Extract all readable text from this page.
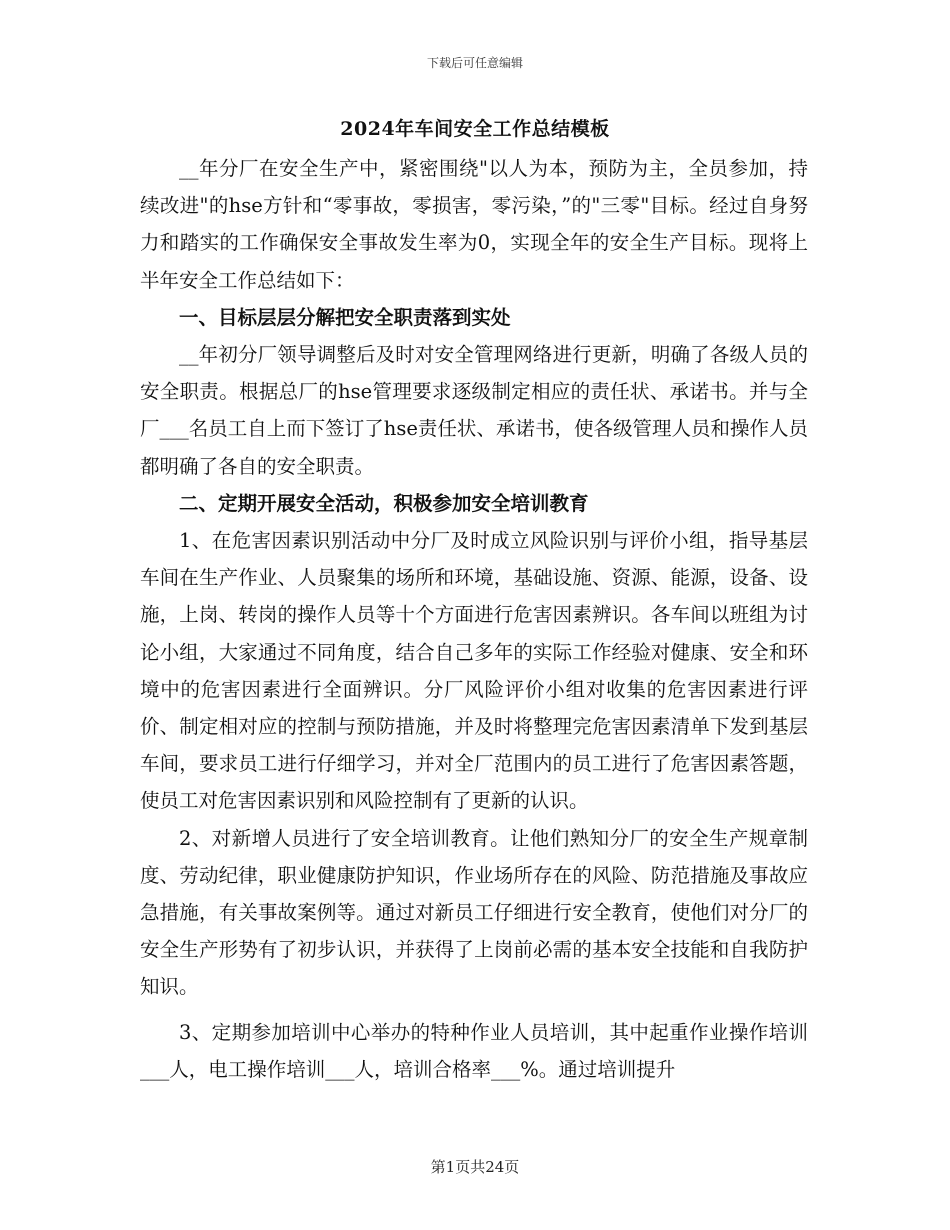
下载后可任意编辑
2024年车间安全工作总结模板

__年分厂在安全生产中，紧密围绕"以人为本，预防为主，全员参加，持续改进"的hse方针和“零事故，零损害，零污染，”的"三零"目标。经过自身努力和踏实的工作确保安全事故发生率为0，实现全年的安全生产目标。现将上半年安全工作总结如下：

一、目标层层分解把安全职责落到实处

__年初分厂领导调整后及时对安全管理网络进行更新，明确了各级人员的安全职责。根据总厂的hse管理要求逐级制定相应的责任状、承诺书。并与全厂___名员工自上而下签订了hse责任状、承诺书，使各级管理人员和操作人员都明确了各自的安全职责。

二、定期开展安全活动，积极参加安全培训教育

1、在危害因素识别活动中分厂及时成立风险识别与评价小组，指导基层车间在生产作业、人员聚集的场所和环境，基础设施、资源、能源，设备、设施，上岗、转岗的操作人员等十个方面进行危害因素辨识。各车间以班组为讨论小组，大家通过不同角度，结合自己多年的实际工作经验对健康、安全和环境中的危害因素进行全面辨识。分厂风险评价小组对收集的危害因素进行评价、制定相对应的控制与预防措施，并及时将整理完危害因素清单下发到基层车间，要求员工进行仔细学习，并对全厂范围内的员工进行了危害因素答题，使员工对危害因素识别和风险控制有了更新的认识。

2、对新增人员进行了安全培训教育。让他们熟知分厂的安全生产规章制度、劳动纪律，职业健康防护知识，作业场所存在的风险、防范措施及事故应急措施，有关事故案例等。通过对新员工仔细进行安全教育，使他们对分厂的安全生产形势有了初步认识，并获得了上岗前必需的基本安全技能和自我防护知识。

3、定期参加培训中心举办的特种作业人员培训，其中起重作业操作培训___人，电工操作培训___人，培训合格率___%。通过培训提升

第1页共24页
